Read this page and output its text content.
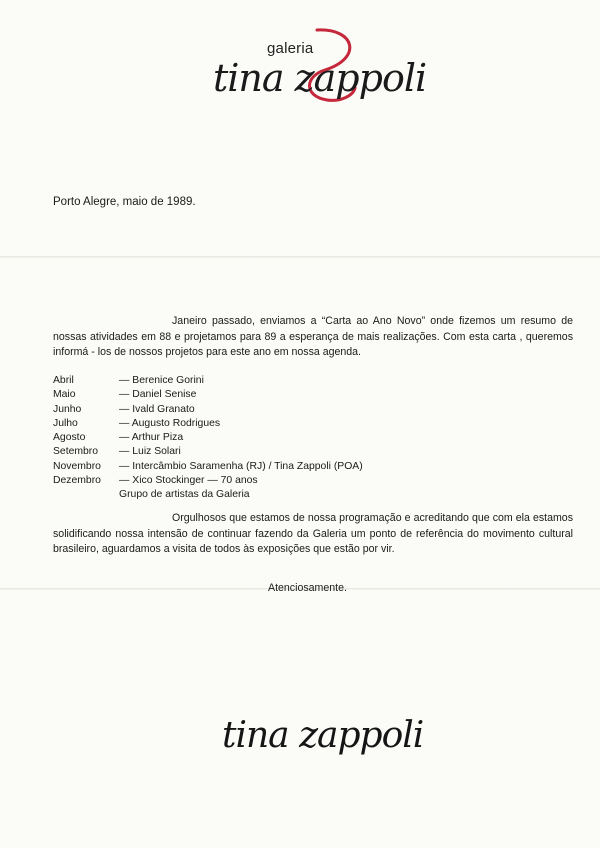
galeria
tina zappoli
Porto Alegre, maio de 1989.
Janeiro passado, enviamos a “Carta ao Ano Novo” onde fizemos um resumo de nossas atividades em 88 e projetamos para 89 a esperança de mais realizações. Com esta carta , queremos informá - los de nossos projetos para este ano em nossa agenda.
Abril	— Berenice Gorini
Maio	— Daniel Senise
Junho	— Ivald Granato
Julho	— Augusto Rodrigues
Agosto	— Arthur Piza
Setembro	— Luiz Solari
Novembro	— Intercâmbio Saramenha (RJ) / Tina Zappoli (POA)
Dezembro	— Xico Stockinger — 70 anos
Grupo de artistas da Galeria
Orgulhosos que estamos de nossa programação e acreditando que com ela estamos solidificando nossa intensão de continuar fazendo da Galeria um ponto de referência do movimento cultural brasileiro, aguardamos a visita de todos às exposições que estão por vir.
Atenciosamente.
tina zappoli
